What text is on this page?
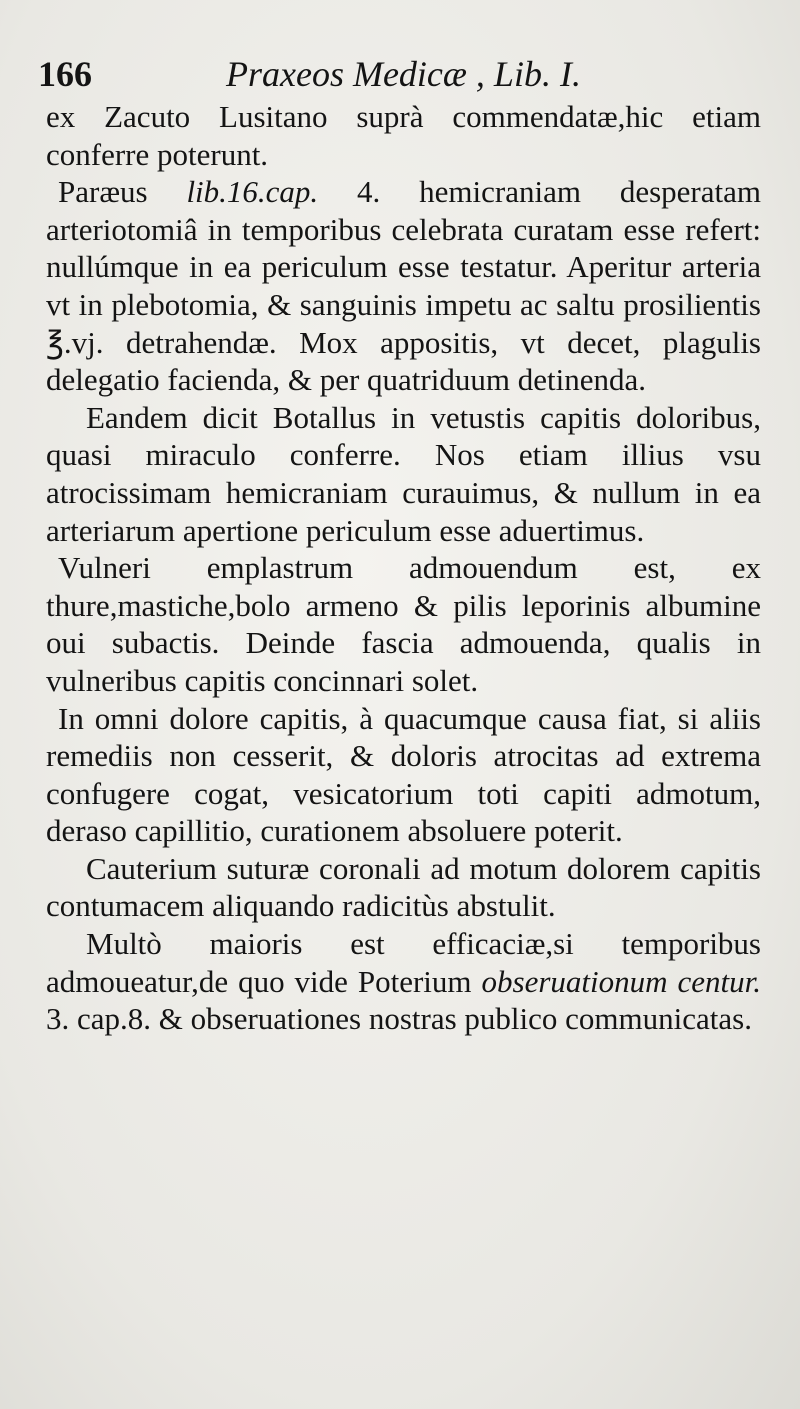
166	Praxeos Medicæ , Lib. I.

ex Zacuto Lusitano suprà commendatæ,hic etiam conferre poterunt.

Paræus lib.16.cap. 4. hemicraniam desperatam arteriotomiâ in temporibus celebrata curatam esse refert: nullúmque in ea periculum esse testatur. Aperitur arteria vt in plebotomia, & sanguinis impetu ac saltu prosilientis ℥.vj. detrahendæ. Mox appositis, vt decet, plagulis delegatio facienda, & per quatriduum detinenda.

Eandem dicit Botallus in vetustis capitis doloribus, quasi miraculo conferre. Nos etiam illius vsu atrocissimam hemicraniam curauimus, & nullum in ea arteriarum apertione periculum esse aduertimus.

Vulneri emplastrum admouendum est, ex thure,mastiche,bolo armeno & pilis leporinis albumine oui subactis. Deinde fascia admouenda, qualis in vulneribus capitis concinnari solet.

In omni dolore capitis, à quacumque causa fiat, si aliis remediis non cesserit, & doloris atrocitas ad extrema confugere cogat, vesicatorium toti capiti admotum, deraso capillitio, curationem absoluere poterit.

Cauterium suturæ coronali ad motum dolorem capitis contumacem aliquando radicitùs abstulit.

Multò maioris est efficaciæ,si temporibus admoueatur,de quo vide Poterium obseruationum centur. 3. cap.8. & obseruationes nostras publico communicatas.
